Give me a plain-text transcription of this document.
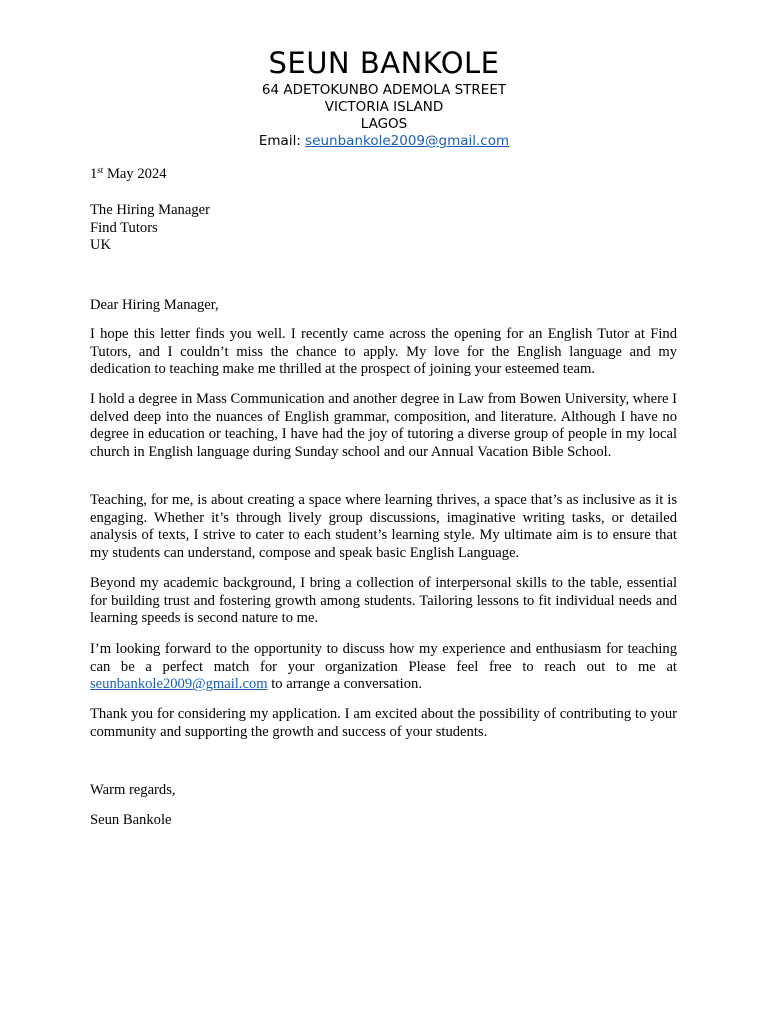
SEUN BANKOLE
64 ADETOKUNBO ADEMOLA STREET
VICTORIA ISLAND
LAGOS
Email: seunbankole2009@gmail.com
1st May 2024
The Hiring Manager
Find Tutors
UK
Dear Hiring Manager,
I hope this letter finds you well. I recently came across the opening for an English Tutor at Find Tutors, and I couldn’t miss the chance to apply. My love for the English language and my dedication to teaching make me thrilled at the prospect of joining your esteemed team.
I hold a degree in Mass Communication and another degree in Law from Bowen University, where I delved deep into the nuances of English grammar, composition, and literature. Although I have no degree in education or teaching, I have had the joy of tutoring a diverse group of people in my local church in English language during Sunday school and our Annual Vacation Bible School.
Teaching, for me, is about creating a space where learning thrives, a space that’s as inclusive as it is engaging. Whether it’s through lively group discussions, imaginative writing tasks, or detailed analysis of texts, I strive to cater to each student’s learning style. My ultimate aim is to ensure that my students can understand, compose and speak basic English Language.
Beyond my academic background, I bring a collection of interpersonal skills to the table, essential for building trust and fostering growth among students. Tailoring lessons to fit individual needs and learning speeds is second nature to me.
I’m looking forward to the opportunity to discuss how my experience and enthusiasm for teaching can be a perfect match for your organization Please feel free to reach out to me at seunbankole2009@gmail.com to arrange a conversation.
Thank you for considering my application. I am excited about the possibility of contributing to your community and supporting the growth and success of your students.
Warm regards,
Seun Bankole
